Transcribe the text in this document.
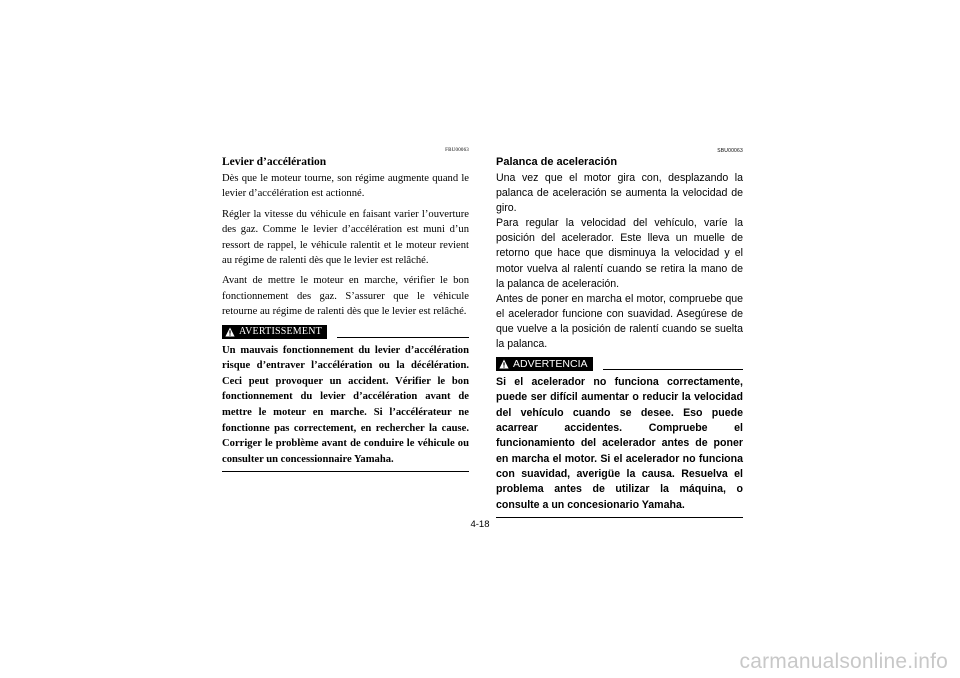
FBU00063
Levier d’accélération

Dès que le moteur tourne, son régime augmente quand le levier d’accélération est actionné.

Régler la vitesse du véhicule en faisant varier l’ouverture des gaz. Comme le levier d’accélération est muni d’un ressort de rappel, le véhicule ralentit et le moteur revient au régime de ralenti dès que le levier est relâché.

Avant de mettre le moteur en marche, vérifier le bon fonctionnement des gaz. S’assurer que le véhicule retourne au régime de ralenti dès que le levier est relâché.

AVERTISSEMENT
Un mauvais fonctionnement du levier d’accélération risque d’entraver l’accélération ou la décélération. Ceci peut provoquer un accident. Vérifier le bon fonctionnement du levier d’accélération avant de mettre le moteur en marche. Si l’accélérateur ne fonctionne pas correctement, en rechercher la cause. Corriger le problème avant de conduire le véhicule ou consulter un concessionnaire Yamaha.
SBU00063
Palanca de aceleración

Una vez que el motor gira con, desplazando la palanca de aceleración se aumenta la velocidad de giro.

Para regular la velocidad del vehículo, varíe la posición del acelerador. Este lleva un muelle de retorno que hace que disminuya la velocidad y el motor vuelva al ralentí cuando se retira la mano de la palanca de aceleración.

Antes de poner en marcha el motor, compruebe que el acelerador funcione con suavidad. Asegúrese de que vuelve a la posición de ralentí cuando se suelta la palanca.

ADVERTENCIA
Si el acelerador no funciona correctamente, puede ser difícil aumentar o reducir la velocidad del vehículo cuando se desee. Eso puede acarrear accidentes. Compruebe el funcionamiento del acelerador antes de poner en marcha el motor. Si el acelerador no funciona con suavidad, averigüe la causa. Resuelva el problema antes de utilizar la máquina, o consulte a un concesionario Yamaha.
4-18
carmanualsonline.info
